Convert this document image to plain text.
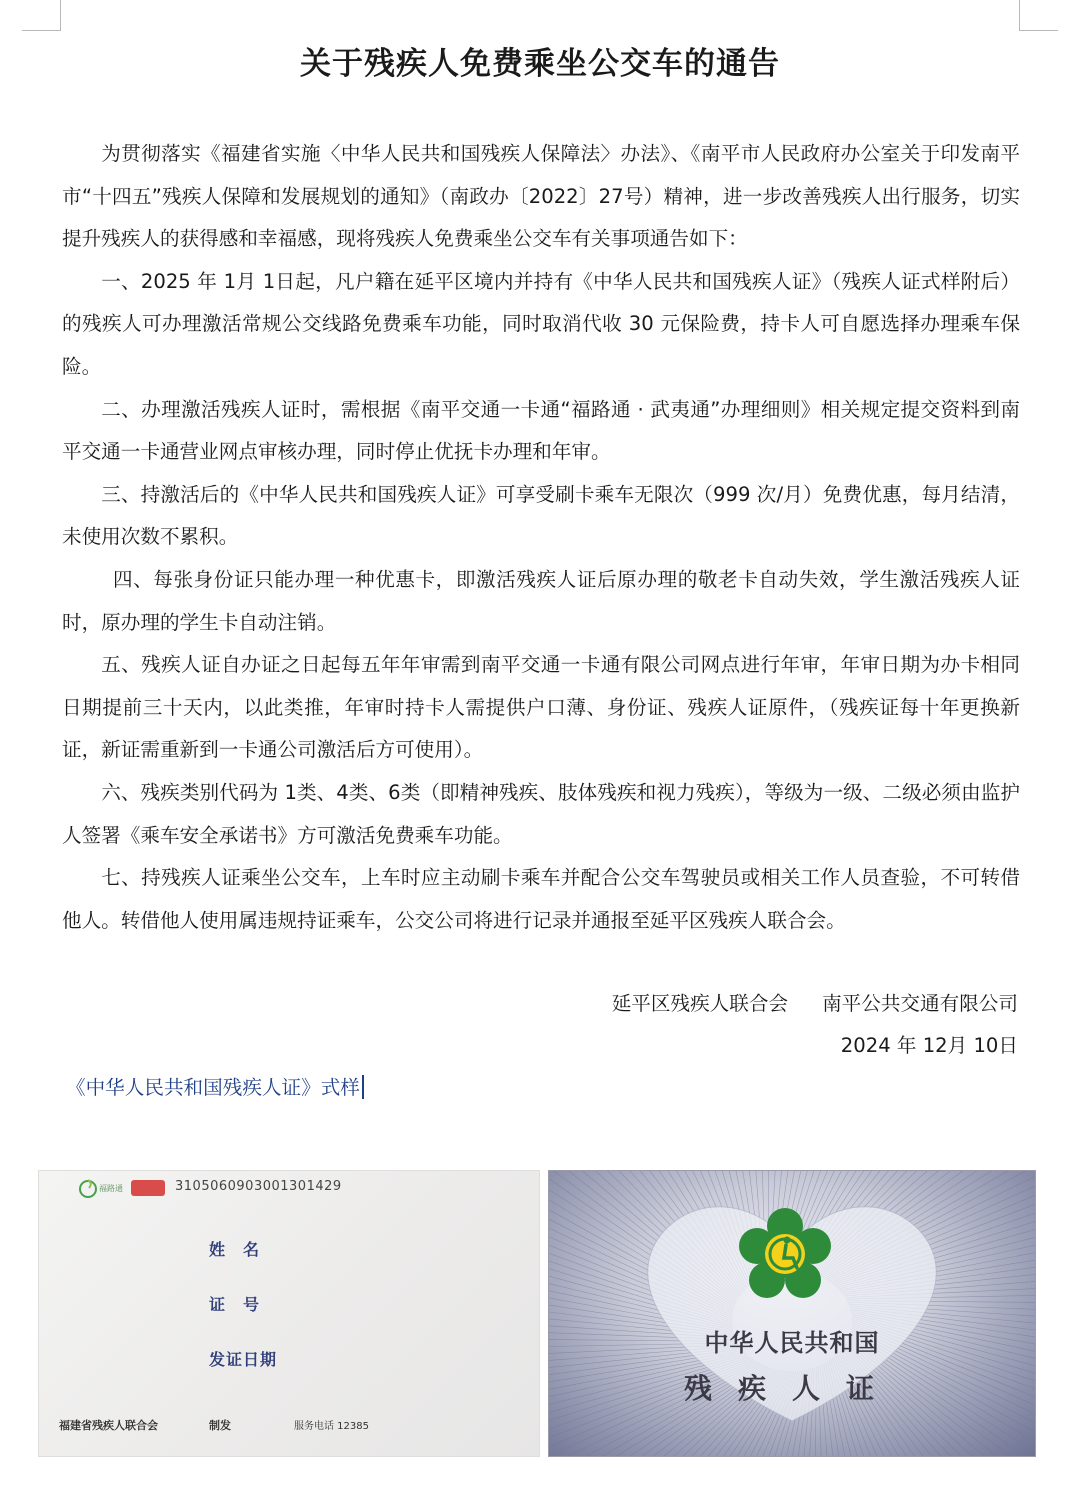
关于残疾人免费乘坐公交车的通告

为贯彻落实《福建省实施〈中华人民共和国残疾人保障法〉办法》、《南平市人民政府办公室关于印发南平市“十四五”残疾人保障和发展规划的通知》（南政办〔2022〕27号）精神，进一步改善残疾人出行服务，切实提升残疾人的获得感和幸福感，现将残疾人免费乘坐公交车有关事项通告如下：

一、2025 年 1月 1日起，凡户籍在延平区境内并持有《中华人民共和国残疾人证》（残疾人证式样附后）的残疾人可办理激活常规公交线路免费乘车功能，同时取消代收 30 元保险费，持卡人可自愿选择办理乘车保险。

二、办理激活残疾人证时，需根据《南平交通一卡通“福路通 · 武夷通”办理细则》相关规定提交资料到南平交通一卡通营业网点审核办理，同时停止优抚卡办理和年审。

三、持激活后的《中华人民共和国残疾人证》可享受刷卡乘车无限次（999 次/月）免费优惠，每月结清，未使用次数不累积。

四、每张身份证只能办理一种优惠卡，即激活残疾人证后原办理的敬老卡自动失效，学生激活残疾人证时，原办理的学生卡自动注销。

五、残疾人证自办证之日起每五年年审需到南平交通一卡通有限公司网点进行年审，年审日期为办卡相同日期提前三十天内，以此类推，年审时持卡人需提供户口薄、身份证、残疾人证原件，（残疾证每十年更换新证，新证需重新到一卡通公司激活后方可使用）。

六、残疾类别代码为 1类、4类、6类（即精神残疾、肢体残疾和视力残疾），等级为一级、二级必须由监护人签署《乘车安全承诺书》方可激活免费乘车功能。

七、持残疾人证乘坐公交车，上车时应主动刷卡乘车并配合公交车驾驶员或相关工作人员查验，不可转借他人。转借他人使用属违规持证乘车，公交公司将进行记录并通报至延平区残疾人联合会。

延平区残疾人联合会 南平公共交通有限公司
2024 年 12月 10日
《中华人民共和国残疾人证》式样
福路通	3105060903001301429
姓名
证号
发证日期
福建省残疾人联合会	制发	服务电话 12385
中华人民共和国
残疾人证
